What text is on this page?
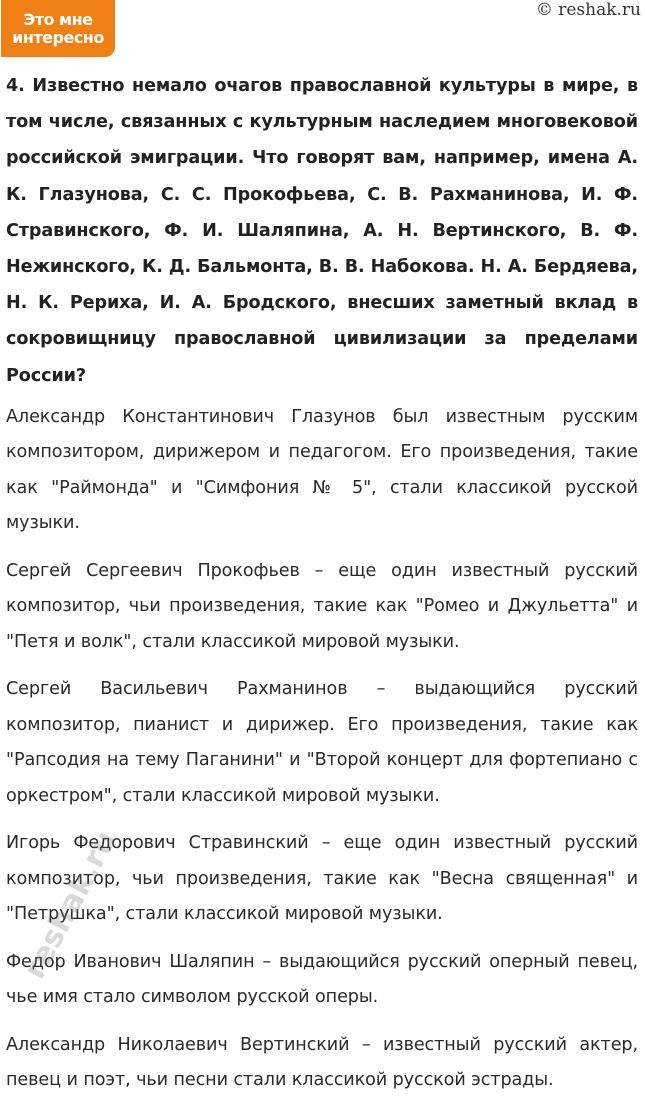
Это мне
интересно
© reshak.ru

4. Известно немало очагов православной культуры в мире, в том числе, связанных с культурным наследием многовековой российской эмиграции. Что говорят вам, например, имена А. К. Глазунова, С. С. Прокофьева, С. В. Рахманинова, И. Ф. Стравинского, Ф. И. Шаляпина, А. Н. Вертинского, В. Ф. Нежинского, К. Д. Бальмонта, В. В. Набокова. Н. А. Бердяева, Н. К. Рериха, И. А. Бродского, внесших заметный вклад в сокровищницу православной цивилизации за пределами России?

Александр Константинович Глазунов был известным русским композитором, дирижером и педагогом. Его произведения, такие как "Раймонда" и "Симфония № 5", стали классикой русской музыки.

Сергей Сергеевич Прокофьев – еще один известный русский композитор, чьи произведения, такие как "Ромео и Джульетта" и "Петя и волк", стали классикой мировой музыки.

Сергей Васильевич Рахманинов – выдающийся русский композитор, пианист и дирижер. Его произведения, такие как "Рапсодия на тему Паганини" и "Второй концерт для фортепиано с оркестром", стали классикой мировой музыки.

Игорь Федорович Стравинский – еще один известный русский композитор, чьи произведения, такие как "Весна священная" и "Петрушка", стали классикой мировой музыки.

Федор Иванович Шаляпин – выдающийся русский оперный певец, чье имя стало символом русской оперы.

Александр Николаевич Вертинский – известный русский актер, певец и поэт, чьи песни стали классикой русской эстрады.

reshak.ru
